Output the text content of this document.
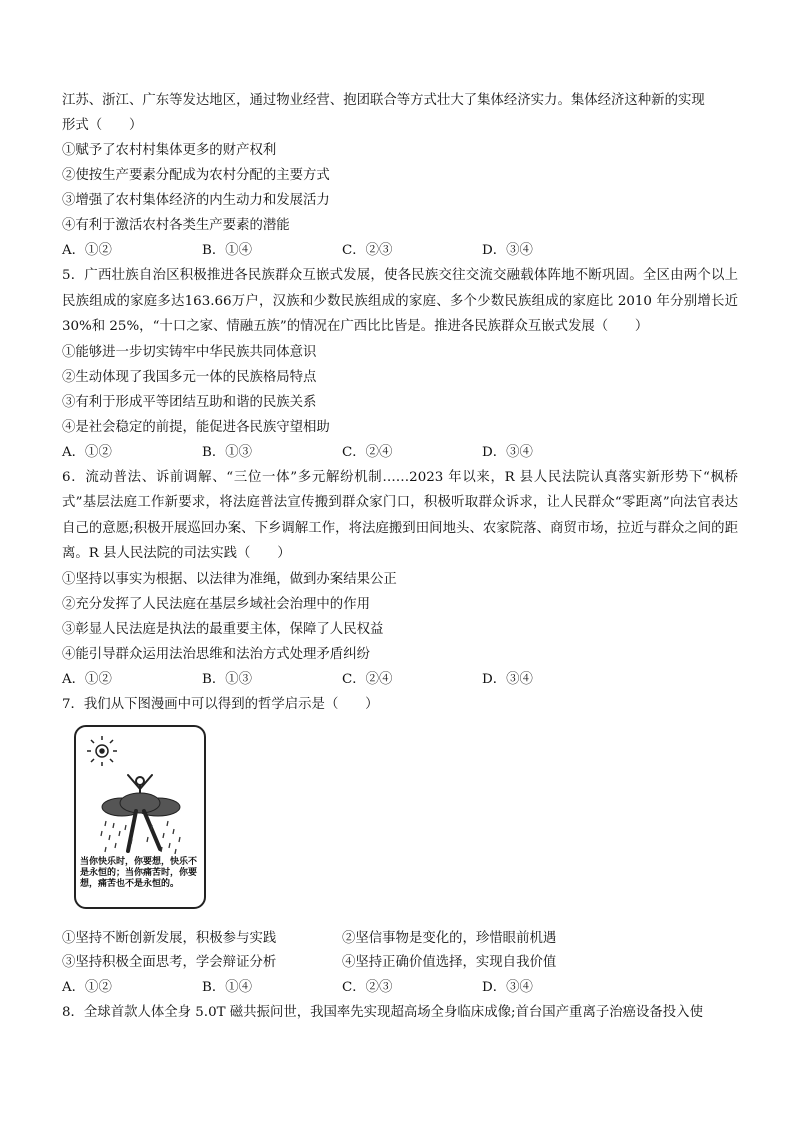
江苏、浙江、广东等发达地区，通过物业经营、抱团联合等方式壮大了集体经济实力。集体经济这种新的实现
形式（　　）
①赋予了农村村集体更多的财产权利
②使按生产要素分配成为农村分配的主要方式
③增强了农村集体经济的内生动力和发展活力
④有利于激活农村各类生产要素的潜能
A．①②	B．①④	C．②③	D．③④
5．广西壮族自治区积极推进各民族群众互嵌式发展，使各民族交往交流交融载体阵地不断巩固。全区由两个以上民族组成的家庭多达163.66万户，汉族和少数民族组成的家庭、多个少数民族组成的家庭比 2010 年分别增长近 30%和 25%，“十口之家、情融五族”的情况在广西比比皆是。推进各民族群众互嵌式发展（　　）
①能够进一步切实铸牢中华民族共同体意识
②生动体现了我国多元一体的民族格局特点
③有利于形成平等团结互助和谐的民族关系
④是社会稳定的前提，能促进各民族守望相助
A．①②	B．①③	C．②④	D．③④
6．流动普法、诉前调解、“三位一体”多元解纷机制……2023 年以来，R 县人民法院认真落实新形势下“枫桥式”基层法庭工作新要求，将法庭普法宣传搬到群众家门口，积极听取群众诉求，让人民群众“零距离”向法官表达自己的意愿;积极开展巡回办案、下乡调解工作，将法庭搬到田间地头、农家院落、商贸市场，拉近与群众之间的距离。R 县人民法院的司法实践（　　）
①坚持以事实为根据、以法律为准绳，做到办案结果公正
②充分发挥了人民法庭在基层乡域社会治理中的作用
③彰显人民法庭是执法的最重要主体，保障了人民权益
④能引导群众运用法治思维和法治方式处理矛盾纠纷
A．①②	B．①③	C．②④	D．③④
7．我们从下图漫画中可以得到的哲学启示是（　　）
当你快乐时，你要想，快乐不是永恒的；当你痛苦时，你要想，痛苦也不是永恒的。
①坚持不断创新发展，积极参与实践	②坚信事物是变化的，珍惜眼前机遇
③坚持积极全面思考，学会辩证分析	④坚持正确价值选择，实现自我价值
A．①②	B．①④	C．②③	D．③④
8．全球首款人体全身 5.0T 磁共振问世，我国率先实现超高场全身临床成像;首台国产重离子治癌设备投入使
